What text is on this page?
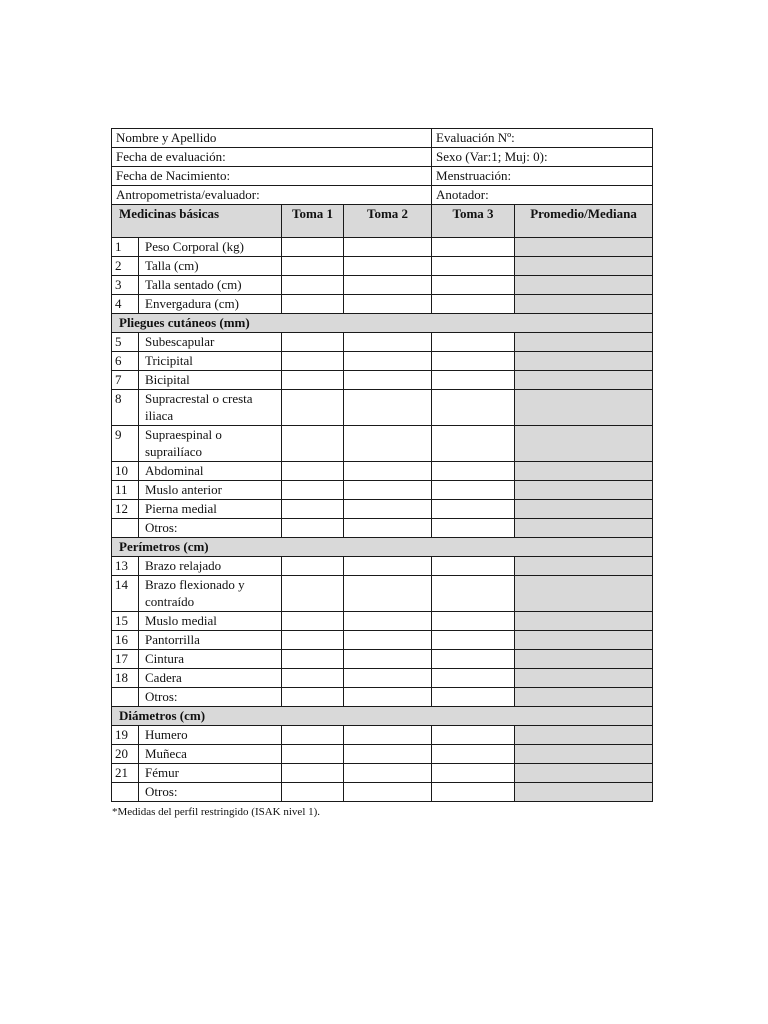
Nombre y Apellido				Evaluación Nº:	
Fecha de evaluación:				Sexo (Var:1; Muj: 0):	
Fecha de Nacimiento:				Menstruación:	
Antropometrista/evaluador:				Anotador:	
Medicinas básicas		Toma 1	Toma 2	Toma 3	Promedio/Mediana
1	Peso Corporal (kg)				
2	Talla (cm)				
3	Talla sentado (cm)				
4	Envergadura (cm)				
Pliegues cutáneos (mm)					
5	Subescapular				
6	Tricipital				
7	Bicipital				
8	Supracrestal o cresta iliaca				
9	Supraespinal o suprailíaco				
10	Abdominal				
11	Muslo anterior				
12	Pierna medial				
	Otros:				
Perímetros (cm)					
13	Brazo relajado				
14	Brazo flexionado y contraído				
15	Muslo medial				
16	Pantorrilla				
17	Cintura				
18	Cadera				
	Otros:				
Diámetros (cm)					
19	Humero				
20	Muñeca				
21	Fémur				
	Otros:				
*Medidas del perfil restringido (ISAK nivel 1).
